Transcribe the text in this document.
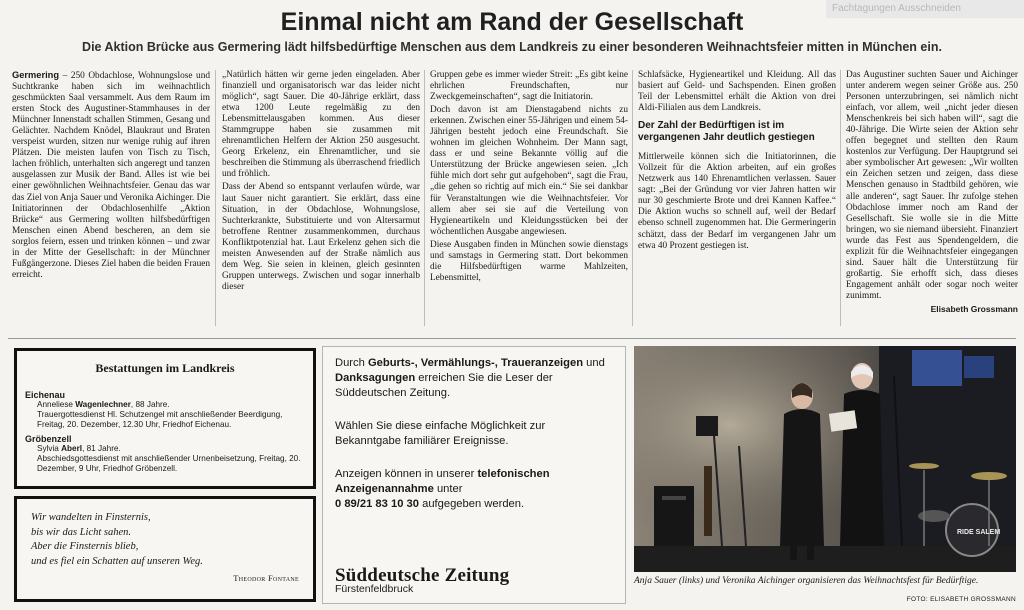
Fachtagungen Ausschneiden
Einmal nicht am Rand der Gesellschaft
Die Aktion Brücke aus Germering lädt hilfsbedürftige Menschen aus dem Landkreis zu einer besonderen Weihnachtsfeier mitten in München ein.

Germering – 250 Obdachlose, Wohnungslose und Suchtkranke haben sich im weihnachtlich geschmückten Saal versammelt. Aus dem Raum im ersten Stock des Augustiner-Stammhauses in der Münchner Innenstadt schallen Stimmen, Gesang und Gelächter. Nachdem Knödel, Blaukraut und Braten verspeist wurden, sitzen nur wenige ruhig auf ihren Plätzen. Die meisten laufen von Tisch zu Tisch, lachen fröhlich, unterhalten sich angeregt und tanzen ausgelassen zur Musik der Band. Alles ist wie bei einer gewöhnlichen Weihnachtsfeier. Genau das war das Ziel von Anja Sauer und Veronika Aichinger. Die Initiatorinnen der Obdachlosenhilfe „Aktion Brücke“ aus Germering wollten hilfsbedürftigen Menschen einen Abend bescheren, an dem sie sorglos feiern, essen und trinken können – und zwar in der Mitte der Gesellschaft: in der Münchner Fußgängerzone. Dieses Ziel haben die beiden Frauen erreicht.

„Natürlich hätten wir gerne jeden eingeladen. Aber finanziell und organisatorisch war das leider nicht möglich“, sagt Sauer. Die 40-Jährige erklärt, dass etwa 1200 Leute regelmäßig zu den Lebensmittelausgaben kommen. Aus dieser Stammgruppe haben sie zusammen mit ehrenamtlichen Helfern der Aktion 250 ausgesucht. Georg Erkelenz, ein Ehrenamtlicher, und sie beschreiben die Stimmung als überraschend friedlich und fröhlich.

Dass der Abend so entspannt verlaufen würde, war laut Sauer nicht garantiert. Sie erklärt, dass eine Situation, in der Obdachlose, Wohnungslose, Suchterkrankte, Substituierte und von Altersarmut betroffene Rentner zusammenkommen, durchaus Konfliktpotenzial hat. Laut Erkelenz gehen sich die meisten Anwesenden auf der Straße nämlich aus dem Weg. Sie seien in kleinen, gleich gesinnten Gruppen unterwegs. Zwischen und sogar innerhalb dieser

Gruppen gebe es immer wieder Streit: „Es gibt keine ehrlichen Freundschaften, nur Zweckgemeinschaften“, sagt die Initiatorin.

Doch davon ist am Dienstagabend nichts zu erkennen. Zwischen einer 55-Jährigen und einem 54-Jährigen besteht jedoch eine Freundschaft. Sie wohnen im gleichen Wohnheim. Der Mann sagt, dass er und seine Bekannte völlig auf die Unterstützung der Brücke angewiesen seien. „Ich fühle mich dort sehr gut aufgehoben“, sagt die Frau, „die gehen so richtig auf mich ein.“ Sie sei dankbar für Veranstaltungen wie die Weihnachtsfeier. Vor allem aber sei sie auf die Verteilung von Hygieneartikeln und Kleidungsstücken bei der wöchentlichen Ausgabe angewiesen.

Diese Ausgaben finden in München sowie dienstags und samstags in Germering statt. Dort bekommen die Hilfsbedürftigen warme Mahlzeiten, Lebensmittel,

Schlafsäcke, Hygieneartikel und Kleidung. All das basiert auf Geld- und Sachspenden. Einen großen Teil der Lebensmittel erhält die Aktion von drei Aldi-Filialen aus dem Landkreis.

Der Zahl der Bedürftigen ist im vergangenen Jahr deutlich gestiegen

Mittlerweile können sich die Initiatorinnen, die Vollzeit für die Aktion arbeiten, auf ein großes Netzwerk aus 140 Ehrenamtlichen verlassen. Sauer sagt: „Bei der Gründung vor vier Jahren hatten wir nur 30 geschmierte Brote und drei Kannen Kaffee.“ Die Aktion wuchs so schnell auf, weil der Bedarf ebenso schnell zugenommen hat. Die Germeringerin schätzt, dass der Bedarf im vergangenen Jahr um etwa 40 Prozent gestiegen ist.

Das Augustiner suchten Sauer und Aichinger unter anderem wegen seiner Größe aus. 250 Personen unterzubringen, sei nämlich nicht einfach, vor allem, weil „nicht jeder diesen Menschenkreis bei sich haben will“, sagt die 40-Jährige. Die Wirte seien der Aktion sehr offen begegnet und stellten den Raum kostenlos zur Verfügung. Der Hauptgrund sei aber symbolischer Art gewesen: „Wir wollten ein Zeichen setzen und zeigen, dass diese Menschen genauso in Stadtbild gehören, wie alle anderen“, sagt Sauer. Ihr zufolge stehen Obdachlose immer noch am Rand der Gesellschaft. Sie wolle sie in die Mitte bringen, wo sie niemand übersieht. Finanziert wurde das Fest aus Spendengeldern, die explizit für die Weihnachtsfeier eingegangen sind. Sauer hält die Unterstützung für großartig. Sie erhofft sich, dass dieses Engagement anhält oder sogar noch weiter zunimmt.

Elisabeth Grossmann
Bestattungen im Landkreis
Eichenau
Anneliese Wagenlechner, 88 Jahre.
Trauergottesdienst Hl. Schutzengel mit anschließender Beerdigung, Freitag, 20. Dezember, 12.30 Uhr, Friedhof Eichenau.
Gröbenzell
Sylvia Aberl, 81 Jahre.
Abschiedsgottesdienst mit anschließender Urnenbeisetzung, Freitag, 20. Dezember, 9 Uhr, Friedhof Gröbenzell.
Wir wandelten in Finsternis,
bis wir das Licht sahen.
Aber die Finsternis blieb,
und es fiel ein Schatten auf unseren Weg.
Theodor Fontane

Durch Geburts-, Vermählungs-, Traueranzeigen und Danksagungen erreichen Sie die Leser der Süddeutschen Zeitung.

Wählen Sie diese einfache Möglichkeit zur Bekanntgabe familiärer Ereignisse.

Anzeigen können in unserer telefonischen Anzeigenannahme unter
0 89/21 83 10 30 aufgegeben werden.

Süddeutsche Zeitung
Fürstenfeldbruck
RIDE SALEM
Anja Sauer (links) und Veronika Aichinger organisieren das Weihnachtsfest für Bedürftige.
FOTO: ELISABETH GROSSMANN
